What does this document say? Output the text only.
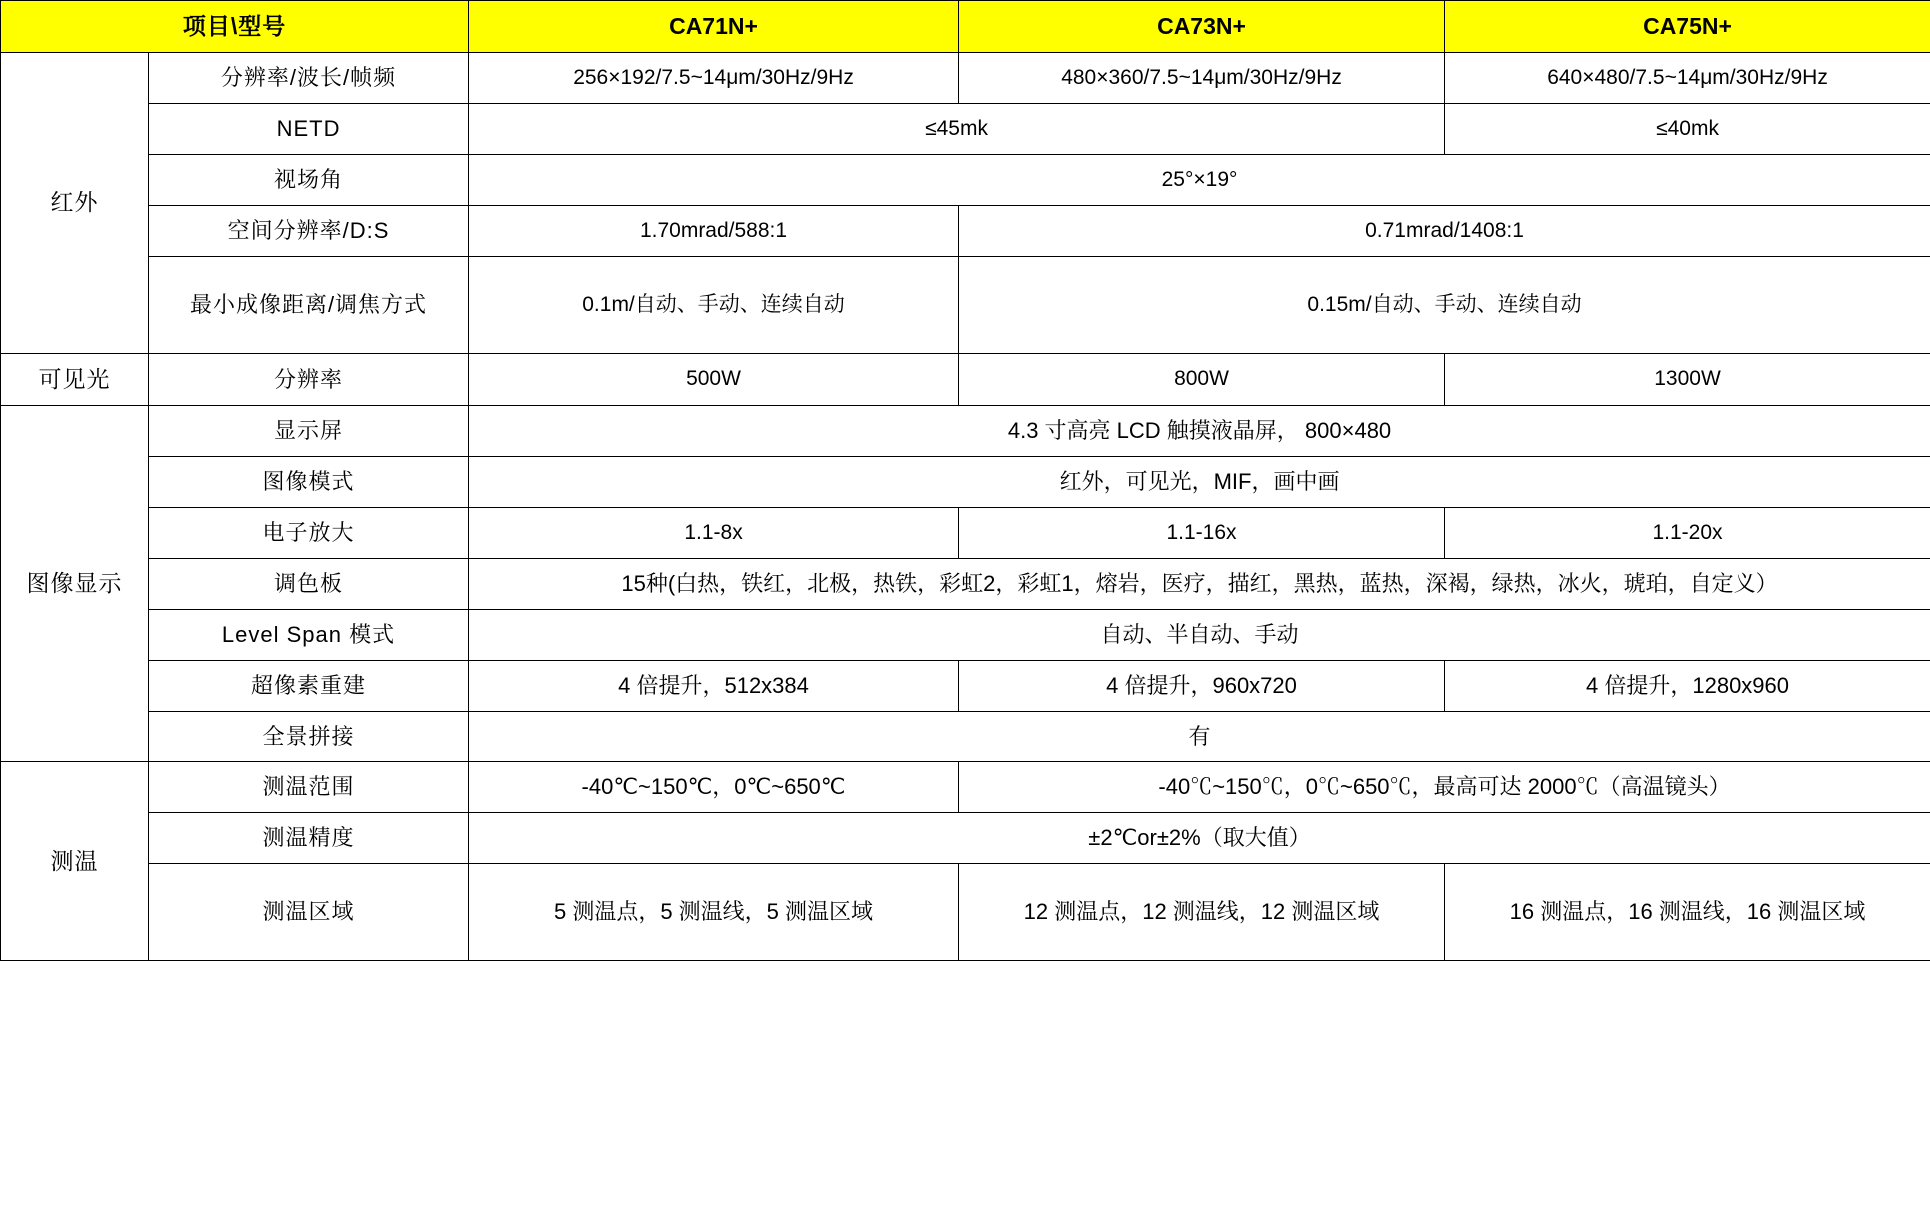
项目\型号		CA71N+	CA73N+	CA75N+
红外	分辨率/波长/帧频	256×192/7.5~14μm/30Hz/9Hz	480×360/7.5~14μm/30Hz/9Hz	640×480/7.5~14μm/30Hz/9Hz
	NETD	≤45mk		≤40mk
	视场角	25°×19°		
	空间分辨率/D:S	1.70mrad/588:1	0.71mrad/1408:1	
	最小成像距离/调焦方式	0.1m/自动、手动、连续自动	0.15m/自动、手动、连续自动	
可见光	分辨率	500W	800W	1300W
图像显示	显示屏	4.3 寸高亮 LCD 触摸液晶屏， 800×480		
	图像模式	红外，可见光，MIF，画中画		
	电子放大	1.1-8x	1.1-16x	1.1-20x
	调色板	15种(白热，铁红，北极，热铁，彩虹2，彩虹1，熔岩，医疗，描红，黑热，蓝热，深褐，绿热，冰火，琥珀，自定义）		
	Level Span 模式	自动、半自动、手动		
	超像素重建	4 倍提升，512x384	4 倍提升，960x720	4 倍提升，1280x960
	全景拼接	有		
测温	测温范围	-40℃~150℃，0℃~650℃	-40℃~150℃，0℃~650℃，最高可达 2000℃（高温镜头）	
	测温精度	±2℃or±2%（取大值）		
	测温区域	5 测温点，5 测温线，5 测温区域	12 测温点，12 测温线，12 测温区域	16 测温点，16 测温线，16 测温区域
